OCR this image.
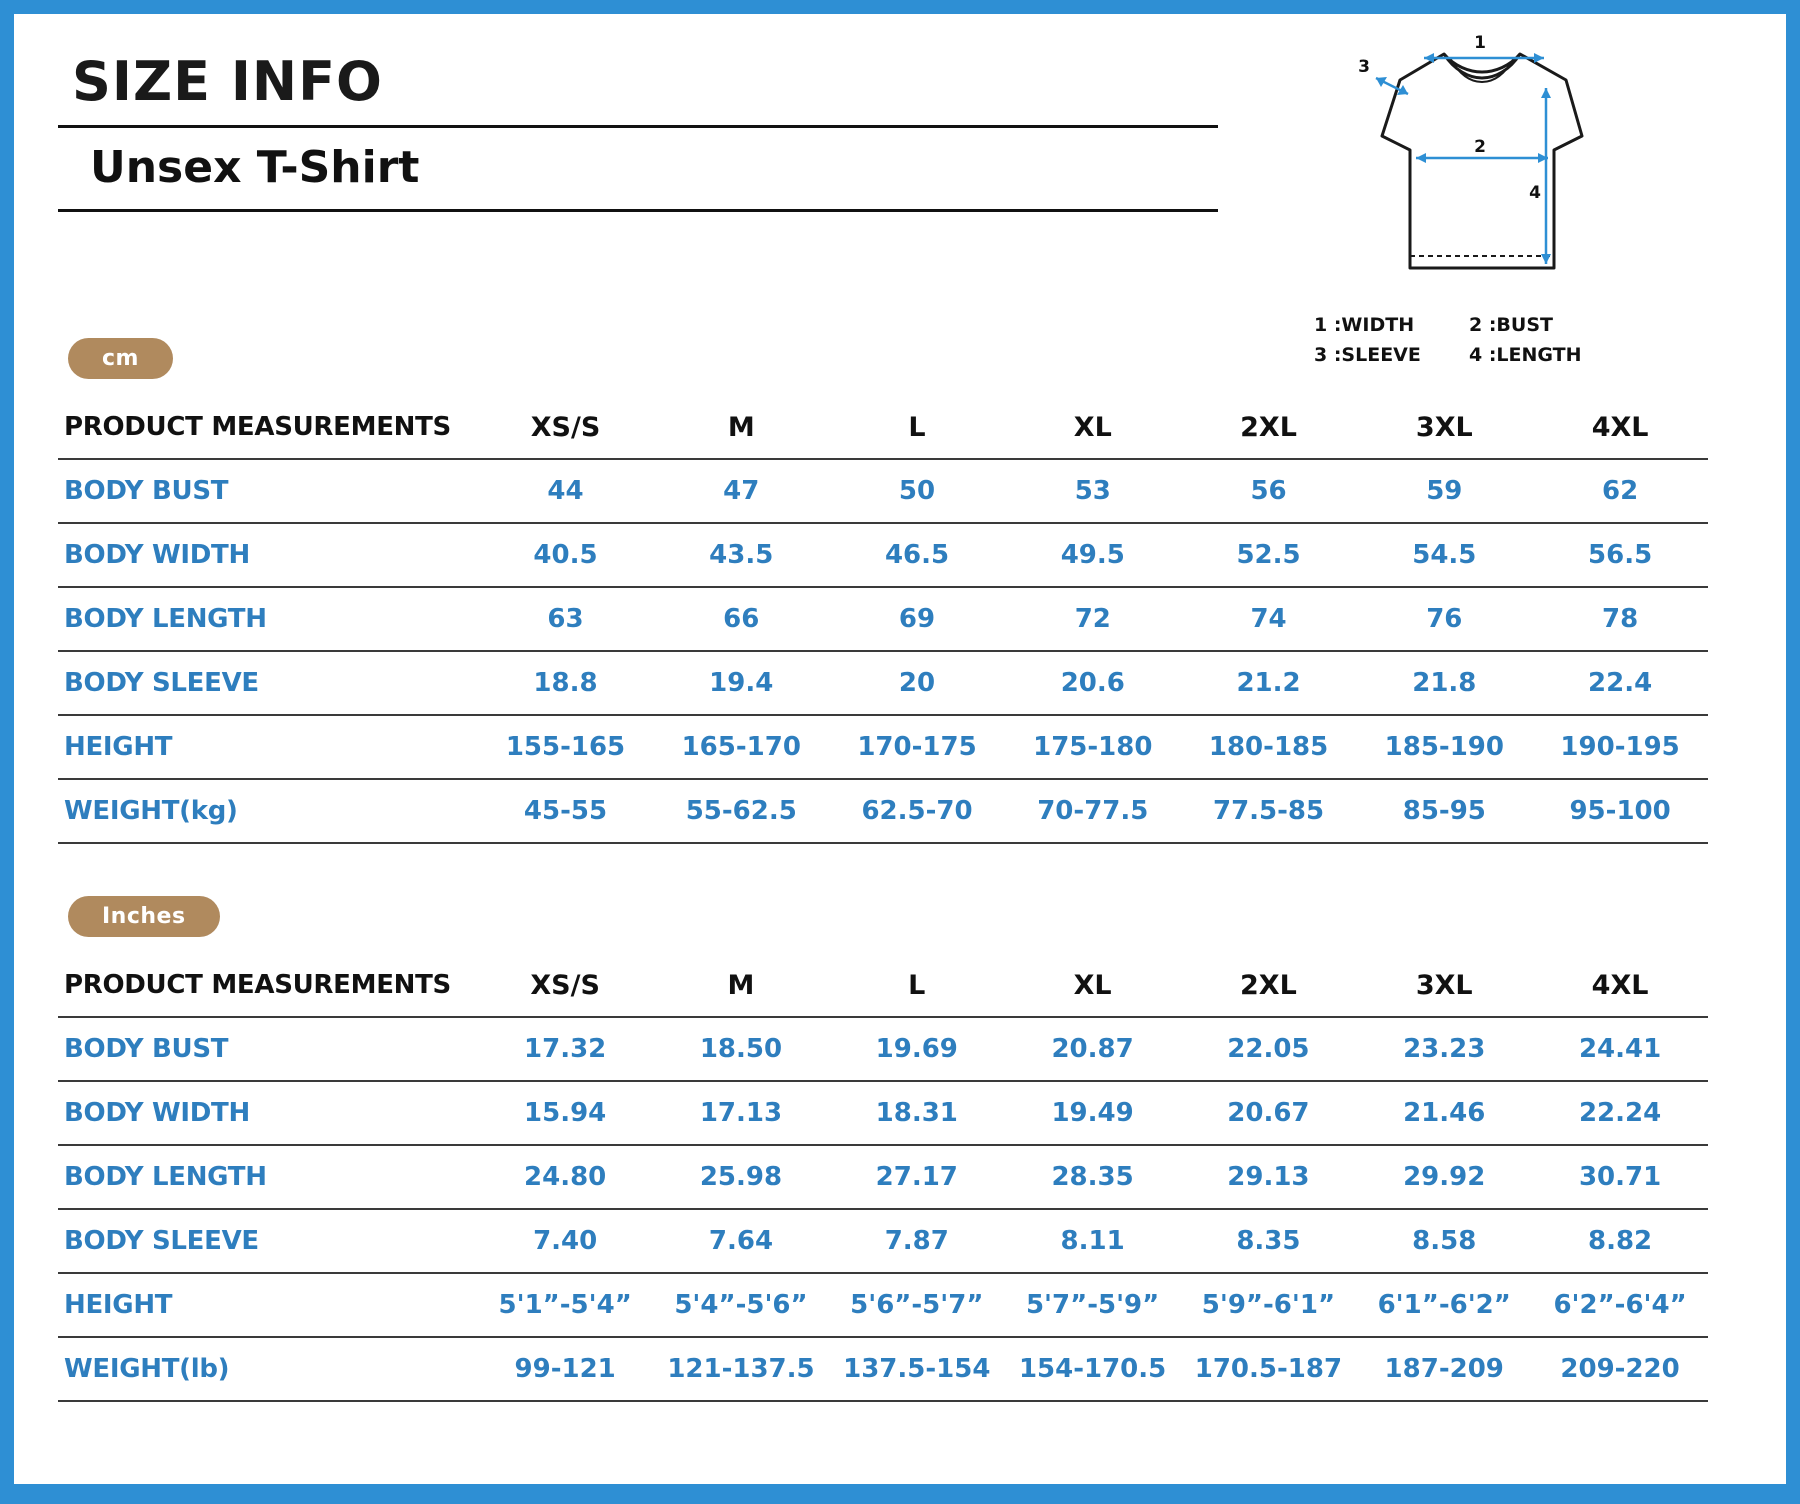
SIZE INFO
Unsex T-Shirt
1
3
2
4
1 :WIDTH	2 :BUST
3 :SLEEVE	4 :LENGTH
cm
PRODUCT MEASUREMENTS	XS/S	M	L	XL	2XL	3XL	4XL
BODY BUST	44	47	50	53	56	59	62
BODY WIDTH	40.5	43.5	46.5	49.5	52.5	54.5	56.5
BODY LENGTH	63	66	69	72	74	76	78
BODY SLEEVE	18.8	19.4	20	20.6	21.2	21.8	22.4
HEIGHT	155-165	165-170	170-175	175-180	180-185	185-190	190-195
WEIGHT(kg)	45-55	55-62.5	62.5-70	70-77.5	77.5-85	85-95	95-100
Inches
PRODUCT MEASUREMENTS	XS/S	M	L	XL	2XL	3XL	4XL
BODY BUST	17.32	18.50	19.69	20.87	22.05	23.23	24.41
BODY WIDTH	15.94	17.13	18.31	19.49	20.67	21.46	22.24
BODY LENGTH	24.80	25.98	27.17	28.35	29.13	29.92	30.71
BODY SLEEVE	7.40	7.64	7.87	8.11	8.35	8.58	8.82
HEIGHT	5'1”-5'4”	5'4”-5'6”	5'6”-5'7”	5'7”-5'9”	5'9”-6'1”	6'1”-6'2”	6'2”-6'4”
WEIGHT(lb)	99-121	121-137.5	137.5-154	154-170.5	170.5-187	187-209	209-220
